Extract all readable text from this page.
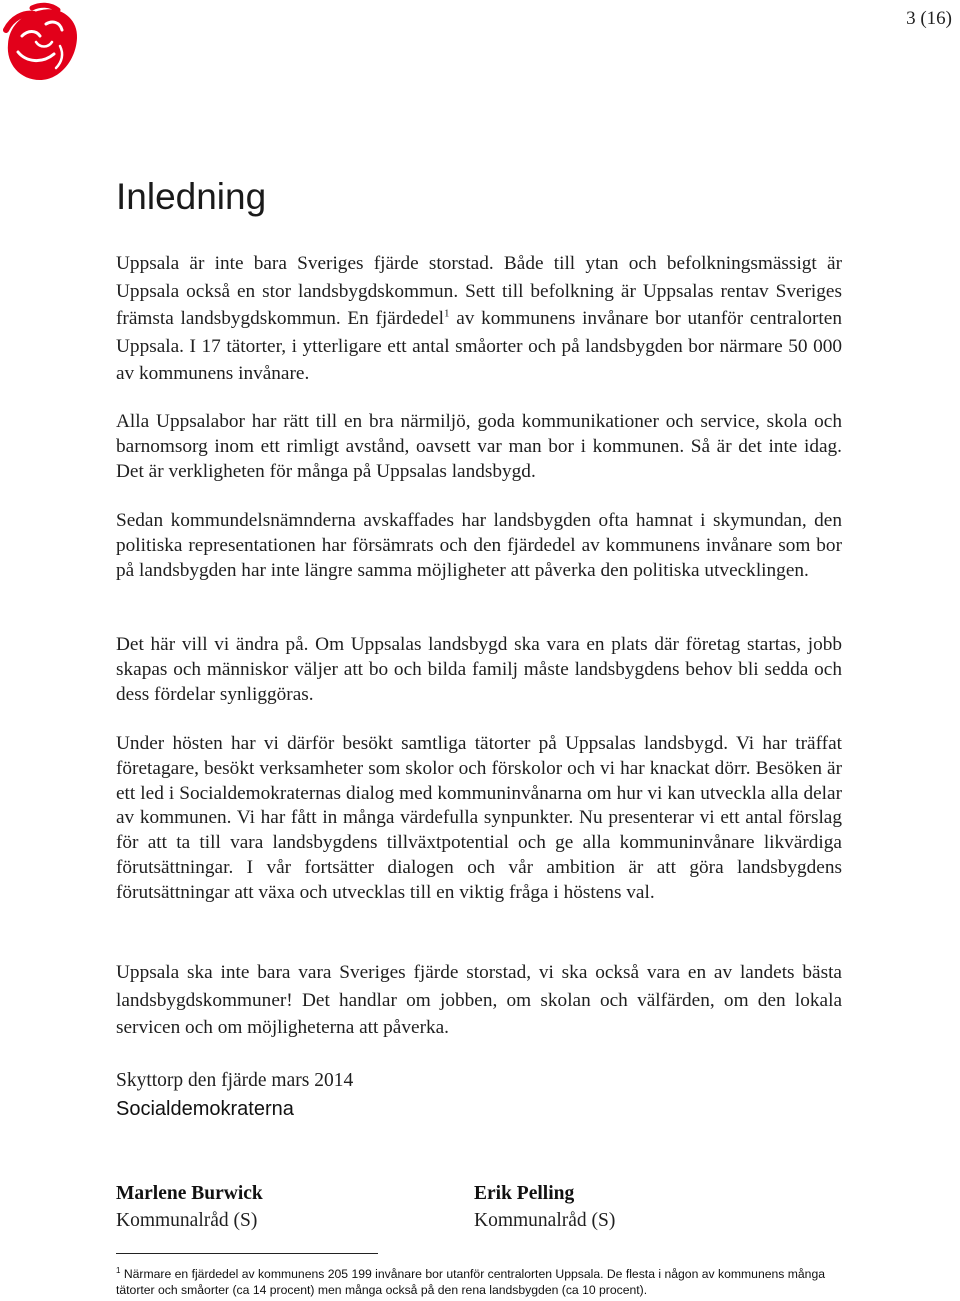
3 (16)
Inledning

Uppsala är inte bara Sveriges fjärde storstad. Både till ytan och befolkningsmässigt är Uppsala också en stor landsbygdskommun. Sett till befolkning är Uppsalas rentav Sveriges främsta landsbygdskommun. En fjärdedel$^1$ av kommunens invånare bor utanför centralorten Uppsala. I 17 tätorter, i ytterligare ett antal småorter och på landsbygden bor närmare 50 000 av kommunens invånare.

Alla Uppsalabor har rätt till en bra närmiljö, goda kommunikationer och service, skola och barnomsorg inom ett rimligt avstånd, oavsett var man bor i kommunen. Så är det inte idag. Det är verkligheten för många på Uppsalas landsbygd.

Sedan kommundelsnämnderna avskaffades har landsbygden ofta hamnat i skymundan, den politiska representationen har försämrats och den fjärdedel av kommunens invånare som bor på landsbygden har inte längre samma möjligheter att påverka den politiska utvecklingen.

Det här vill vi ändra på. Om Uppsalas landsbygd ska vara en plats där företag startas, jobb skapas och människor väljer att bo och bilda familj måste landsbygdens behov bli sedda och dess fördelar synliggöras.

Under hösten har vi därför besökt samtliga tätorter på Uppsalas landsbygd. Vi har träffat företagare, besökt verksamheter som skolor och förskolor och vi har knackat dörr. Besöken är ett led i Socialdemokraternas dialog med kommuninvånarna om hur vi kan utveckla alla delar av kommunen. Vi har fått in många värdefulla synpunkter. Nu presenterar vi ett antal förslag för att ta till vara landsbygdens tillväxtpotential och ge alla kommuninvånare likvärdiga förutsättningar. I vår fortsätter dialogen och vår ambition är att göra landsbygdens förutsättningar att växa och utvecklas till en viktig fråga i höstens val.

Uppsala ska inte bara vara Sveriges fjärde storstad, vi ska också vara en av landets bästa landsbygdskommuner! Det handlar om jobben, om skolan och välfärden, om den lokala servicen och om möjligheterna att påverka.

Skyttorp den fjärde mars 2014

Socialdemokraterna

Marlene Burwick
Kommunalråd (S)
Erik Pelling
Kommunalråd (S)

$^1$ Närmare en fjärdedel av kommunens 205 199 invånare bor utanför centralorten Uppsala. De flesta i någon av kommunens många tätorter och småorter (ca 14 procent) men många också på den rena landsbygden (ca 10 procent).
